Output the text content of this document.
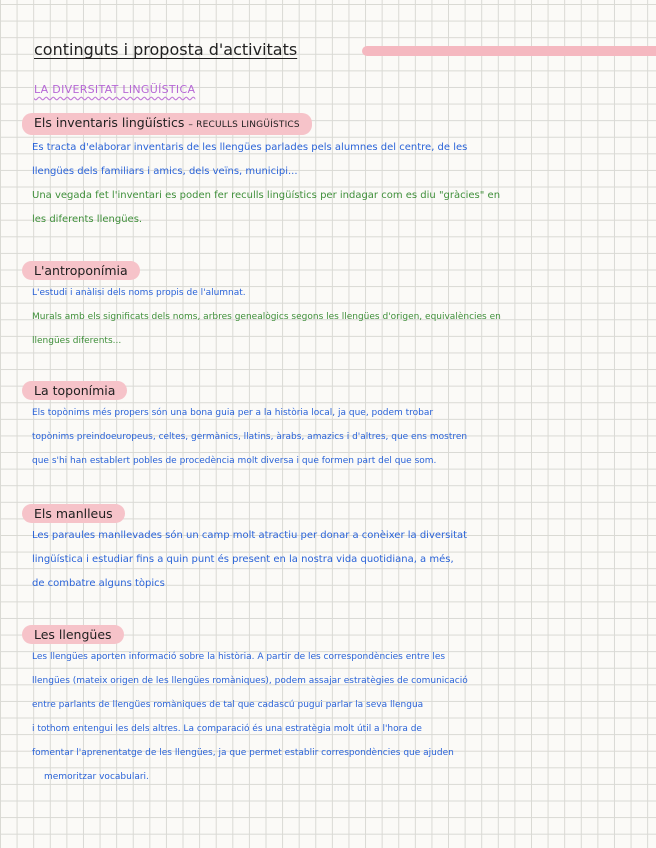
continguts i proposta d'activitats
LA DIVERSITAT LINGÜÍSTICA
Els inventaris lingüístics – RECULLS LINGÜÍSTICS
Es tracta d'elaborar inventaris de les llengües parlades pels alumnes del centre, de les
llengües dels familiars i amics, dels veïns, municipi...
Una vegada fet l'inventari es poden fer reculls lingüístics per indagar com es diu "gràcies" en
les diferents llengües.
L'antroponímia
L'estudi i anàlisi dels noms propis de l'alumnat.
Murals amb els significats dels noms, arbres genealògics segons les llengües d'origen, equivalències en
llengües diferents...
La toponímia
Els topònims més propers són una bona guia per a la història local, ja que, podem trobar
topònims preindoeuropeus, celtes, germànics, llatins, àrabs, amazics i d'altres, que ens mostren
que s'hi han establert pobles de procedència molt diversa i que formen part del que som.
Els manlleus
Les paraules manllevades són un camp molt atractiu per donar a conèixer la diversitat
lingüística i estudiar fins a quin punt és present en la nostra vida quotidiana, a més,
de combatre alguns tòpics
Les llengües
Les llengües aporten informació sobre la història. A partir de les correspondències entre les
llengües (mateix origen de les llengües romàniques), podem assajar estratègies de comunicació
entre parlants de llengües romàniques de tal que cadascú pugui parlar la seva llengua
i tothom entengui les dels altres. La comparació és una estratègia molt útil a l'hora de
fomentar l'aprenentatge de les llengües, ja que permet establir correspondències que ajuden
memoritzar vocabulari.
